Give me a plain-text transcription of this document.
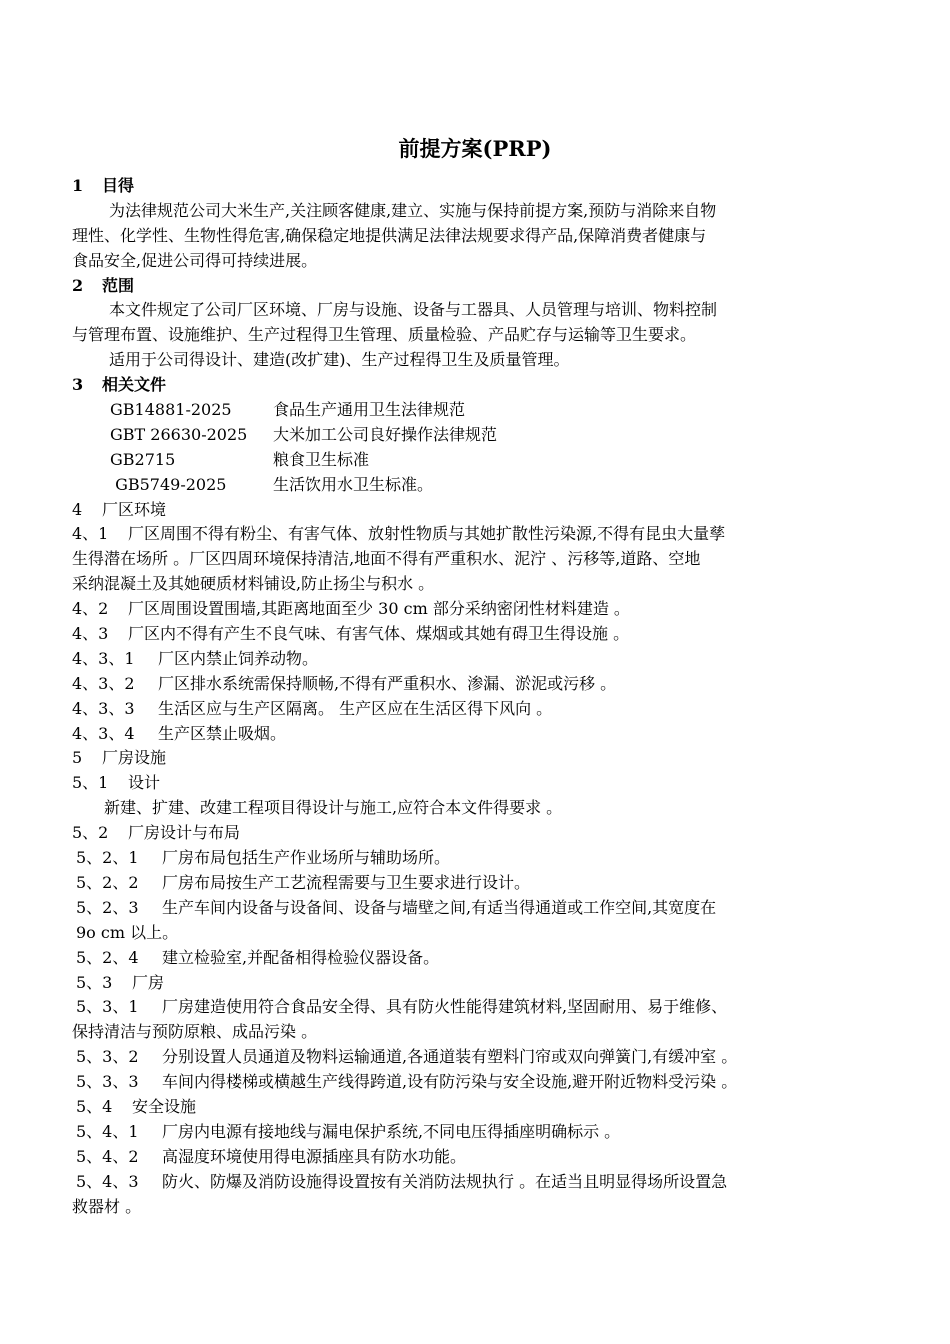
前提方案(PRP)
1 目得
为法律规范公司大米生产,关注顾客健康,建立、实施与保持前提方案,预防与消除来自物
理性、化学性、生物性得危害,确保稳定地提供满足法律法规要求得产品,保障消费者健康与
食品安全,促进公司得可持续进展。
2 范围
本文件规定了公司厂区环境、厂房与设施、设备与工器具、人员管理与培训、物料控制
与管理布置、设施维护、生产过程得卫生管理、质量检验、产品贮存与运输等卫生要求。
适用于公司得设计、建造(改扩建)、生产过程得卫生及质量管理。
3 相关文件
GB14881-2025	食品生产通用卫生法律规范
GBT 26630-2025 大米加工公司良好操作法律规范
GB2715	粮食卫生标准
GB5749-2025	生活饮用水卫生标准。
4 厂区环境
4、1 厂区周围不得有粉尘、有害气体、放射性物质与其她扩散性污染源,不得有昆虫大量孳
生得潜在场所 。厂区四周环境保持清洁,地面不得有严重积水、泥泞 、污移等,道路、空地
采纳混凝土及其她硬质材料铺设,防止扬尘与积水 。
4、2 厂区周围设置围墙,其距离地面至少 30 cm 部分采纳密闭性材料建造 。
4、3 厂区内不得有产生不良气味、有害气体、煤烟或其她有碍卫生得设施 。
4、3、1 厂区内禁止饲养动物。
4、3、2 厂区排水系统需保持顺畅,不得有严重积水、渗漏、淤泥或污移 。
4、3、3 生活区应与生产区隔离。 生产区应在生活区得下风向 。
4、3、4 生产区禁止吸烟。
5 厂房设施
5、1 设计
新建、扩建、改建工程项目得设计与施工,应符合本文件得要求 。
5、2 厂房设计与布局
5、2、1 厂房布局包括生产作业场所与辅助场所。
5、2、2 厂房布局按生产工艺流程需要与卫生要求进行设计。
5、2、3 生产车间内设备与设备间、设备与墙壁之间,有适当得通道或工作空间,其宽度在
9o cm 以上。
5、2、4 建立检验室,并配备相得检验仪器设备。
5、3 厂房
5、3、1 厂房建造使用符合食品安全得、具有防火性能得建筑材料,坚固耐用、易于维修、
保持清洁与预防原粮、成品污染 。
5、3、2 分别设置人员通道及物料运输通道,各通道装有塑料门帘或双向弹簧门,有缓冲室 。
5、3、3 车间内得楼梯或横越生产线得跨道,设有防污染与安全设施,避开附近物料受污染 。
5、4 安全设施
5、4、1 厂房内电源有接地线与漏电保护系统,不同电压得插座明确标示 。
5、4、2 高湿度环境使用得电源插座具有防水功能。
5、4、3 防火、防爆及消防设施得设置按有关消防法规执行 。在适当且明显得场所设置急
救器材 。
